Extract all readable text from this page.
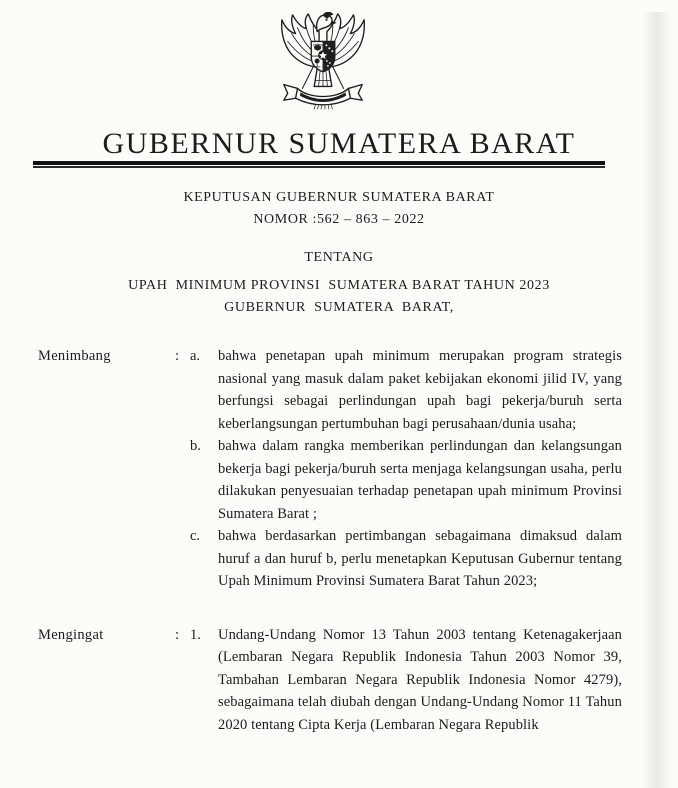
GUBERNUR SUMATERA BARAT

KEPUTUSAN GUBERNUR SUMATERA BARAT

NOMOR :562 – 863 – 2022

TENTANG

UPAH  MINIMUM PROVINSI  SUMATERA BARAT TAHUN 2023

GUBERNUR  SUMATERA  BARAT,

Menimbang	: a.	bahwa penetapan upah minimum merupakan program strategis nasional yang masuk dalam paket kebijakan ekonomi jilid IV, yang berfungsi sebagai perlindungan upah bagi pekerja/buruh serta keberlangsungan pertumbuhan bagi perusahaan/dunia usaha;
b.	bahwa dalam rangka memberikan perlindungan dan kelangsungan bekerja bagi pekerja/buruh serta menjaga kelangsungan usaha, perlu dilakukan penyesuaian terhadap penetapan upah minimum Provinsi Sumatera Barat ;
c.	bahwa berdasarkan pertimbangan sebagaimana dimaksud dalam huruf a dan huruf b, perlu menetapkan Keputusan Gubernur tentang Upah Minimum Provinsi Sumatera Barat Tahun 2023;
Mengingat	: 1.	Undang-Undang Nomor 13 Tahun 2003 tentang Ketenagakerjaan (Lembaran Negara Republik Indonesia Tahun 2003 Nomor 39, Tambahan Lembaran Negara Republik Indonesia Nomor 4279), sebagaimana telah diubah dengan Undang-Undang Nomor 11 Tahun 2020 tentang Cipta Kerja (Lembaran Negara Republik
